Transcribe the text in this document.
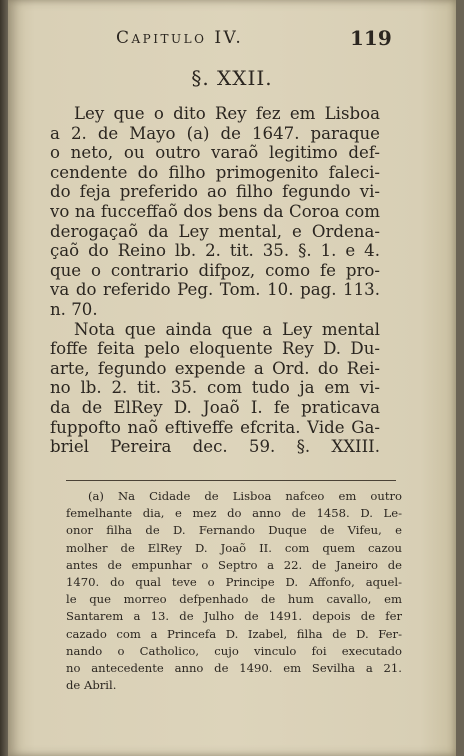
Capitulo IV.	119
§. XXII.
Ley que o dito Rey fez em Lisboa
a 2. de Mayo (a) de 1647. paraque
o neto, ou outro varaõ legitimo def-
cendente do filho primogenito faleci-
do feja preferido ao filho fegundo vi-
vo na fucceffaõ dos bens da Coroa com
derogaçaõ da Ley mental, e Ordena-
çaõ do Reino lb. 2. tit. 35. §. 1. e 4.
que o contrario difpoz, como fe pro-
va do referido Peg. Tom. 10. pag. 113.
n. 70.
Nota que ainda que a Ley mental
foffe feita pelo eloquente Rey D. Du-
arte, fegundo expende a Ord. do Rei-
no lb. 2. tit. 35. com tudo ja em vi-
da de ElRey D. Joaõ I. fe praticava
fuppofto naõ eftiveffe efcrita. Vide Ga-
briel Pereira dec. 59. §. XXIII.
(a) Na Cidade de Lisboa nafceo em outro
femelhante dia, e mez do anno de 1458. D. Le-
onor filha de D. Fernando Duque de Vifeu, e
molher de ElRey D. Joaõ II. com quem cazou
antes de empunhar o Septro a 22. de Janeiro de
1470. do qual teve o Principe D. Affonfo, aquel-
le que morreo defpenhado de hum cavallo, em
Santarem a 13. de Julho de 1491. depois de fer
cazado com a Princefa D. Izabel, filha de D. Fer-
nando o Catholico, cujo vinculo foi executado
no antecedente anno de 1490. em Sevilha a 21.
de Abril.
